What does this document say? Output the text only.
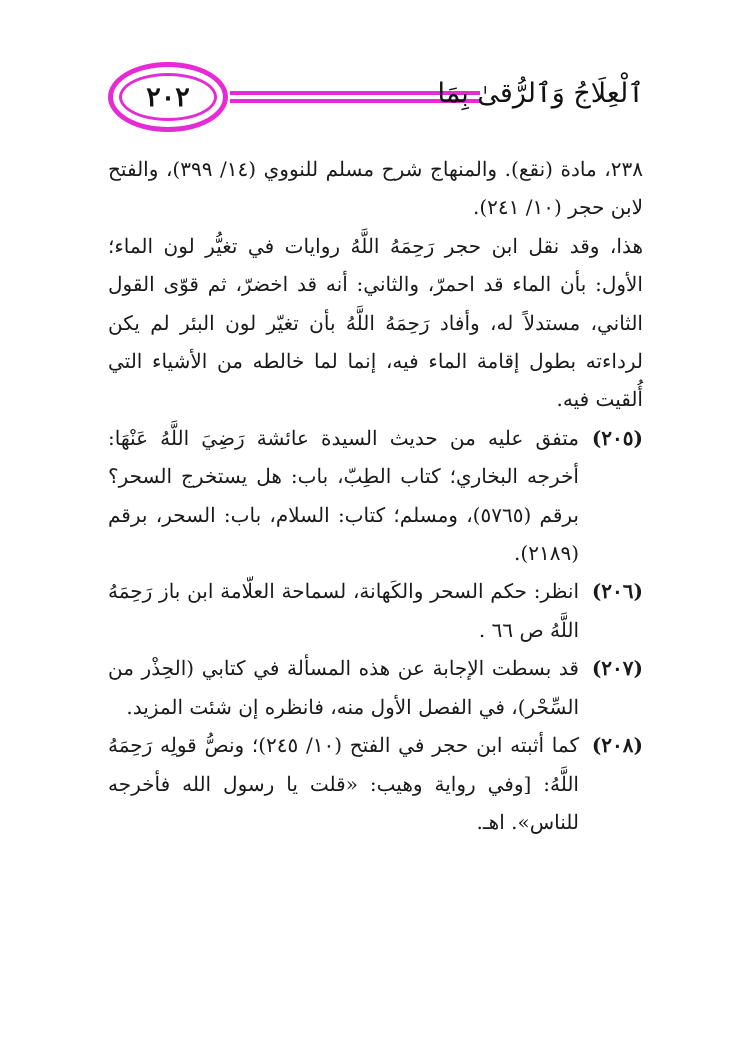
٢٠٢	ٱلْعِلَاجُ وَٱلرُّقىٰ بِمَا

٢٣٨، مادة (نقع). والمنهاج شرح مسلم للنووي (١٤/ ٣٩٩)، والفتح لابن حجر (١٠/ ٢٤١).

هذا، وقد نقل ابن حجر رَحِمَهُ اللَّهُ روايات في تغيُّر لون الماء؛ الأول: بأن الماء قد احمرّ، والثاني: أنه قد اخضرّ، ثم قوّى القول الثاني، مستدلاً له، وأفاد رَحِمَهُ اللَّهُ بأن تغيّر لون البئر لم يكن لرداءته بطول إقامة الماء فيه، إنما لما خالطه من الأشياء التي أُلقيت فيه.

(٢٠٥)

متفق عليه من حديث السيدة عائشة رَضِيَ اللَّهُ عَنْهَا: أخرجه البخاري؛ كتاب الطِبّ، باب: هل يستخرج السحر؟ برقم (٥٧٦٥)، ومسلم؛ كتاب: السلام، باب: السحر، برقم (٢١٨٩).

(٢٠٦)

انظر: حكم السحر والكَهانة، لسماحة العلّامة ابن باز رَحِمَهُ اللَّهُ ص ٦٦ .

(٢٠٧)

قد بسطت الإجابة عن هذه المسألة في كتابي (الحِذْر من السِّحْر)، في الفصل الأول منه، فانظره إن شئت المزيد.

(٢٠٨)

كما أثبته ابن حجر في الفتح (١٠/ ٢٤٥)؛ ونصُّ قولِه رَحِمَهُ اللَّهُ: [وفي رواية وهيب: «قلت يا رسول الله فأخرجه للناس». اهـ.
